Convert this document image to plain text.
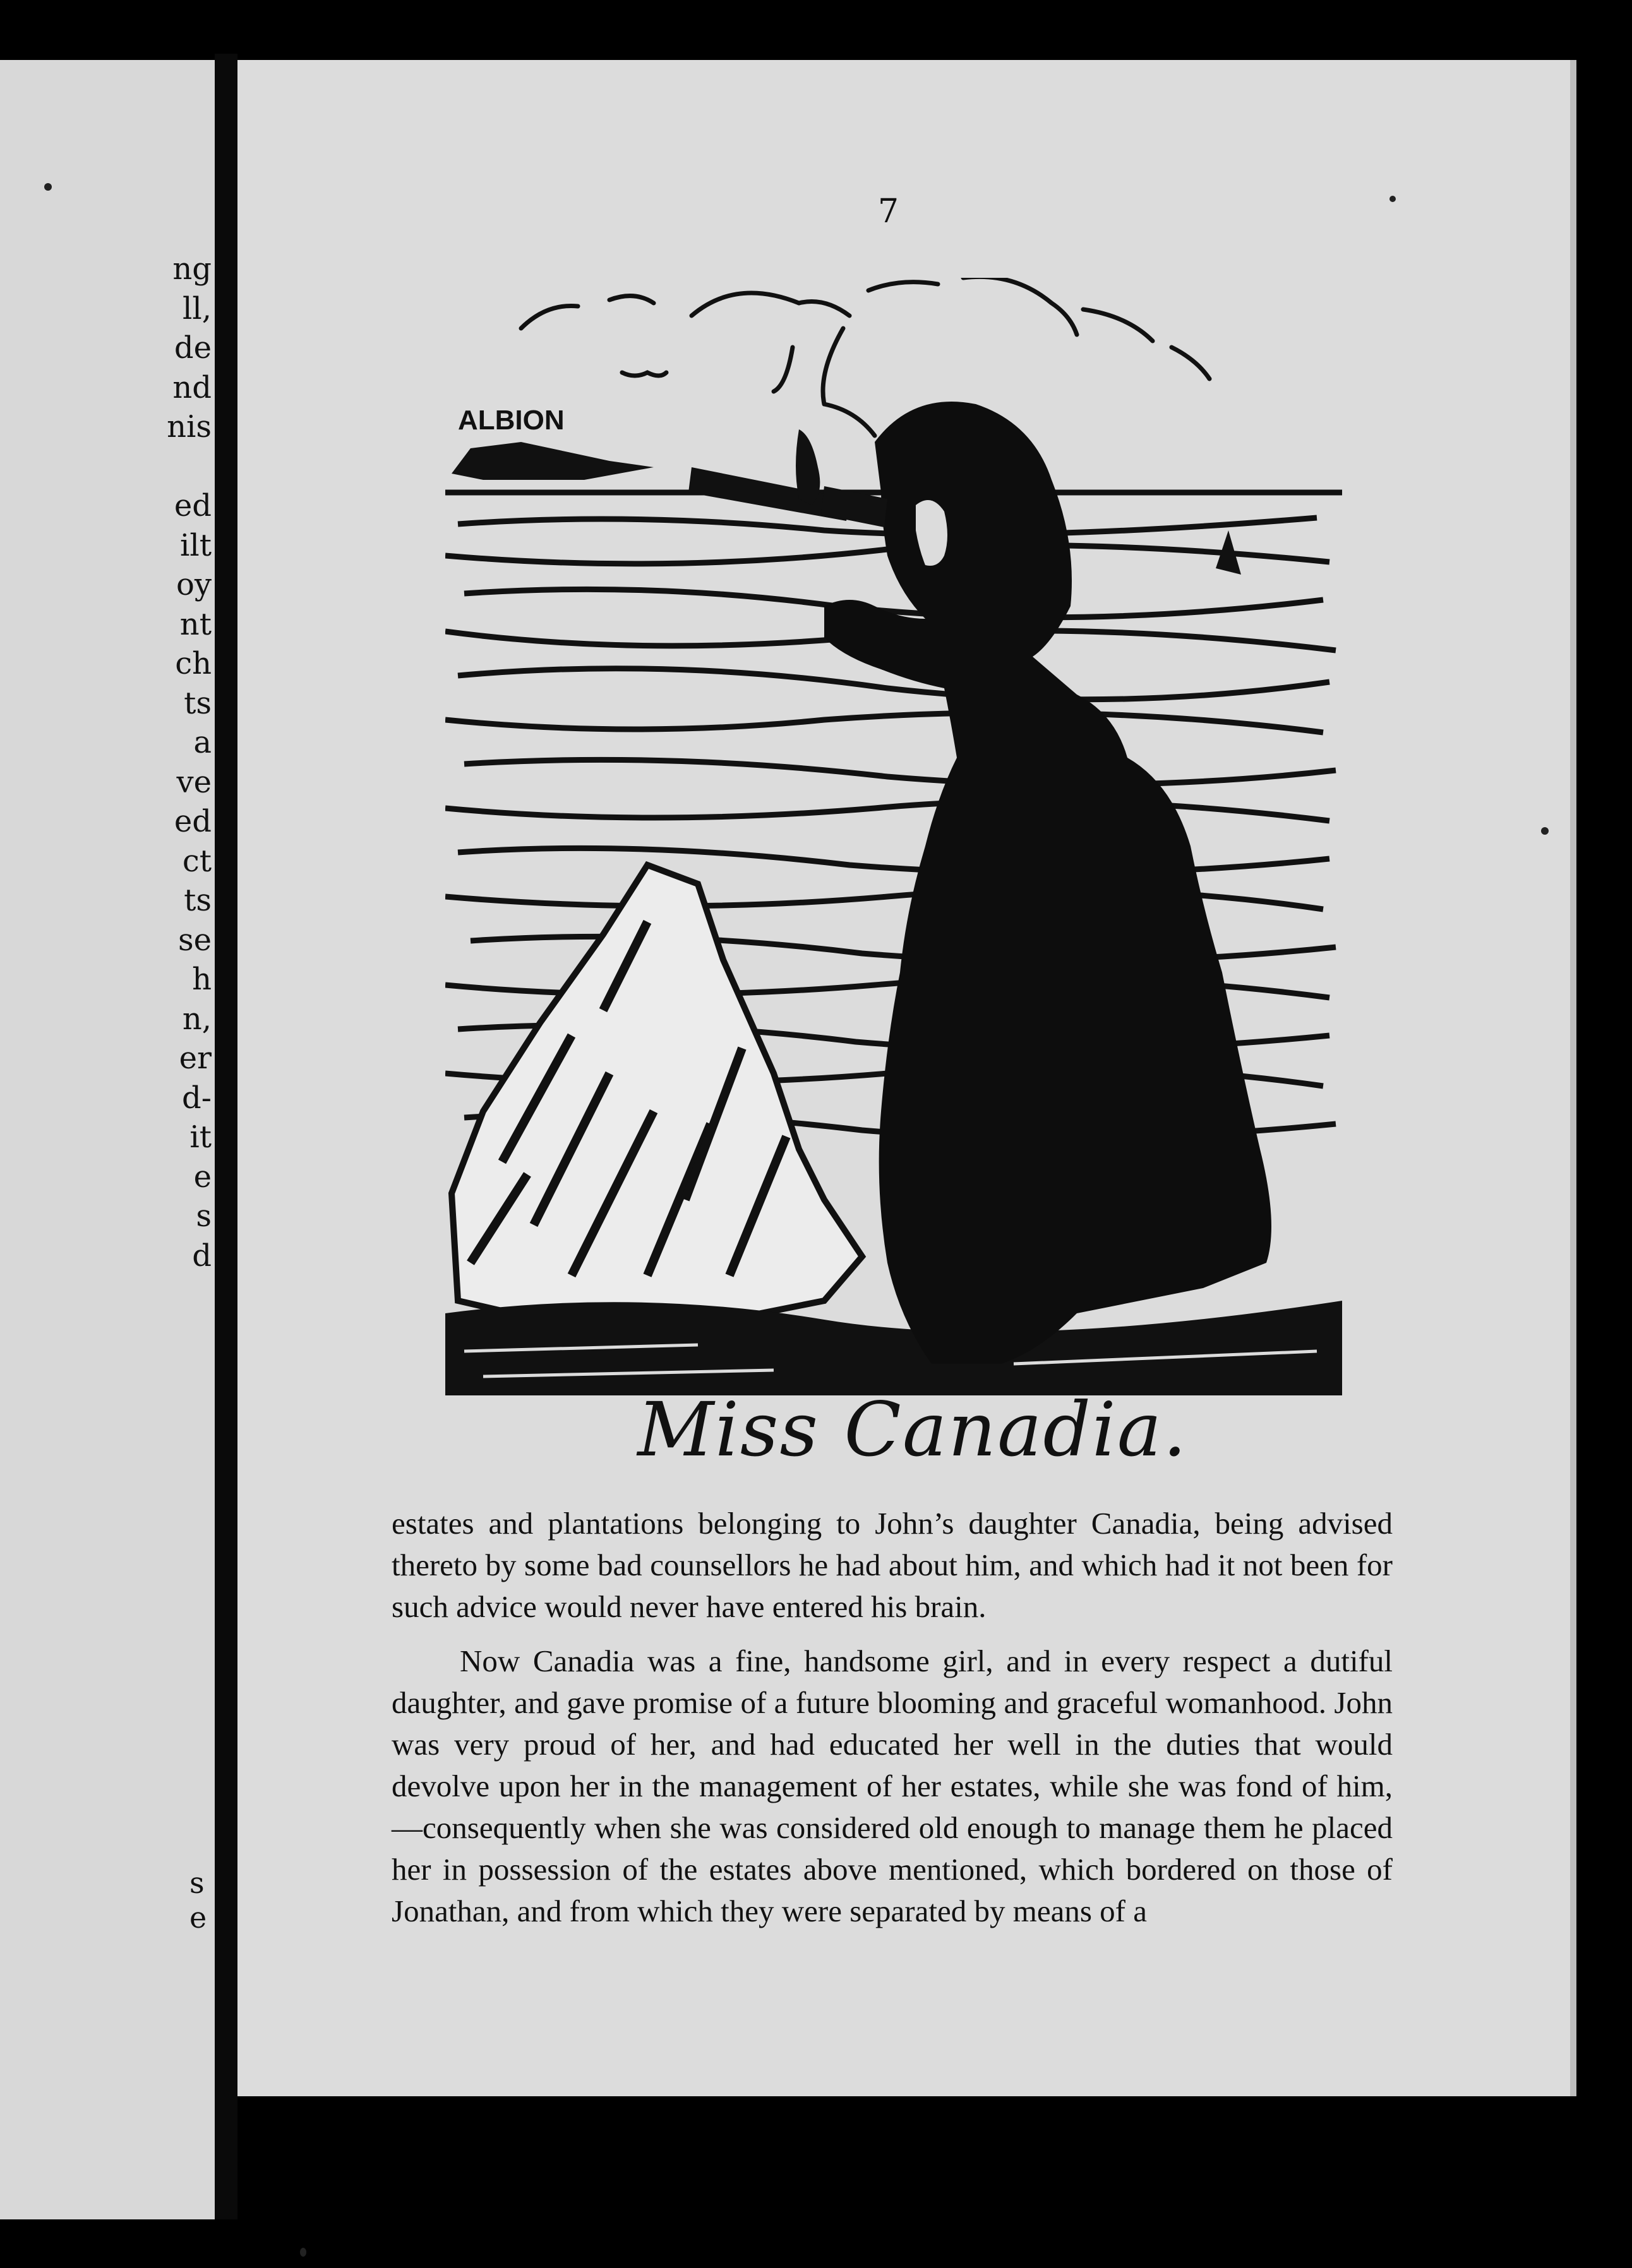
ng
ll,
de
nd
nis
ed
ilt
oy
nt
ch
ts
a
ve
ed
ct
ts
se
h
n,
er
d-
it
e
s
d
s
e
7
ALBION
Miss Canadia.

estates and plantations belonging to John’s daughter Canadia, being advised thereto by some bad counsellors he had about him, and which had it not been for such advice would never have entered his brain.

Now Canadia was a fine, handsome girl, and in every respect a dutiful daughter, and gave promise of a future blooming and graceful womanhood. John was very proud of her, and had educated her well in the duties that would devolve upon her in the management of her estates, while she was fond of him,—consequently when she was considered old enough to manage them he placed her in possession of the estates above mentioned, which bordered on those of Jonathan, and from which they were separated by means of a
